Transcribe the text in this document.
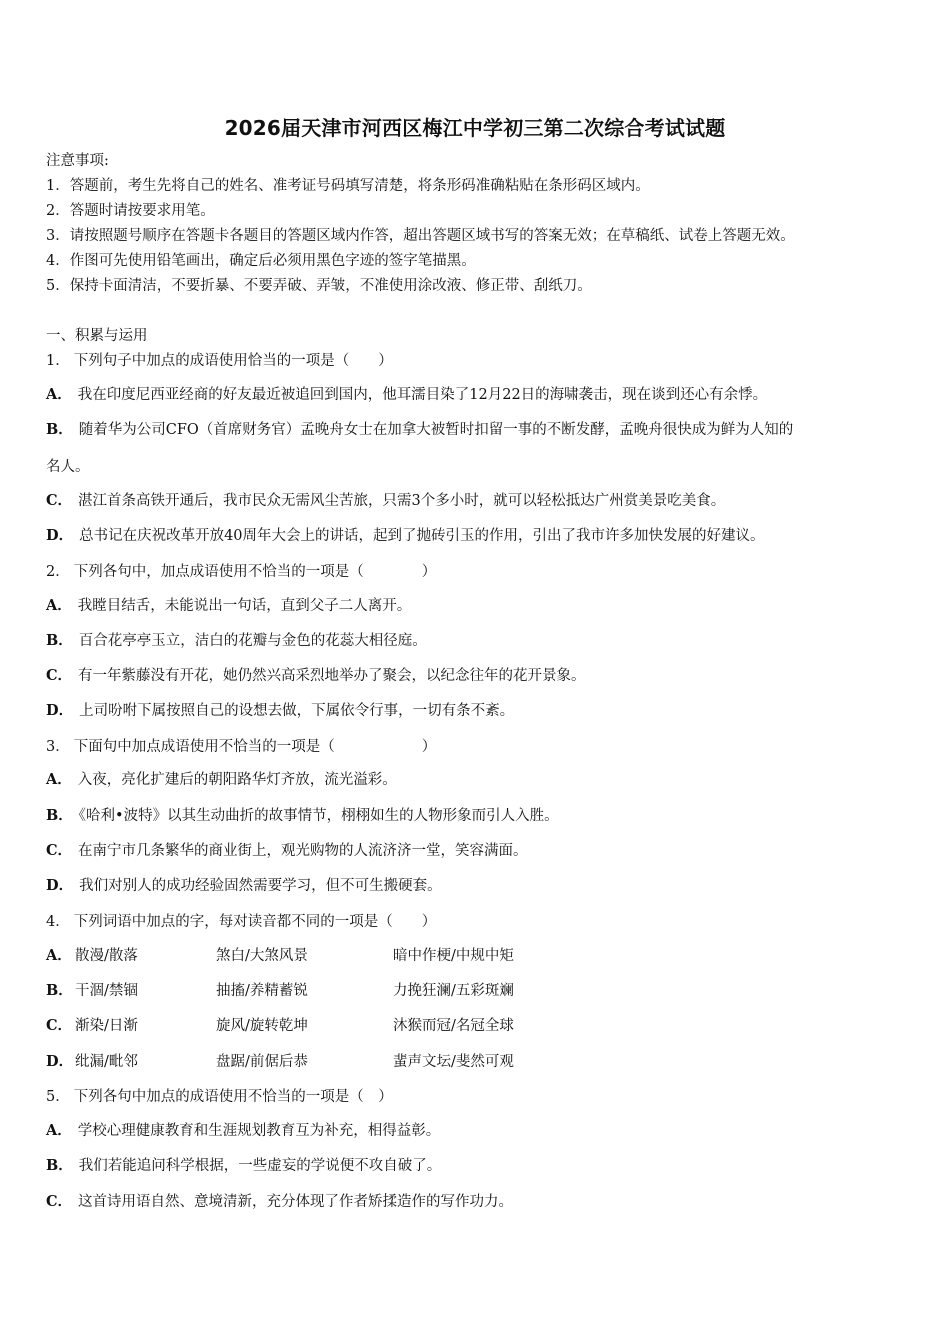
2026届天津市河西区梅江中学初三第二次综合考试试题
注意事项:
1．答题前，考生先将自己的姓名、准考证号码填写清楚，将条形码准确粘贴在条形码区域内。
2．答题时请按要求用笔。
3．请按照题号顺序在答题卡各题目的答题区域内作答，超出答题区域书写的答案无效；在草稿纸、试卷上答题无效。
4．作图可先使用铅笔画出，确定后必须用黑色字迹的签字笔描黑。
5．保持卡面清洁，不要折暴、不要弄破、弄皱，不准使用涂改液、修正带、刮纸刀。
一、积累与运用
1． 下列句子中加点的成语使用恰当的一项是（　　）
A． 我在印度尼西亚经商的好友最近被追回到国内，他耳濡目染了12月22日的海啸袭击，现在谈到还心有余悸。
B． 随着华为公司CFO（首席财务官）孟晚舟女士在加拿大被暂时扣留一事的不断发酵，孟晚舟很快成为鲜为人知的
名人。
C． 湛江首条高铁开通后，我市民众无需风尘苦旅，只需3个多小时，就可以轻松抵达广州赏美景吃美食。
D． 总书记在庆祝改革开放40周年大会上的讲话，起到了抛砖引玉的作用，引出了我市许多加快发展的好建议。
2． 下列各句中，加点成语使用不恰当的一项是（　　　　）
A． 我瞠目结舌，未能说出一句话，直到父子二人离开。
B． 百合花亭亭玉立，洁白的花瓣与金色的花蕊大相径庭。
C． 有一年紫藤没有开花，她仍然兴高采烈地举办了聚会，以纪念往年的花开景象。
D． 上司吩咐下属按照自己的设想去做，下属依令行事，一切有条不紊。
3． 下面句中加点成语使用不恰当的一项是（　　　　　　）
A． 入夜，亮化扩建后的朝阳路华灯齐放，流光溢彩。
B． 《哈利•波特》以其生动曲折的故事情节，栩栩如生的人物形象而引人入胜。
C． 在南宁市几条繁华的商业街上，观光购物的人流济济一堂，笑容满面。
D． 我们对别人的成功经验固然需要学习，但不可生搬硬套。
4． 下列词语中加点的字，每对读音都不同的一项是（　　）
A． 散漫/散落	煞白/大煞风景	暗中作梗/中规中矩
B． 干涸/禁锢	抽搐/养精蓄锐	力挽狂澜/五彩斑斓
C． 渐染/日渐	旋风/旋转乾坤	沐猴而冠/名冠全球
D． 纰漏/毗邻	盘踞/前倨后恭	蜚声文坛/斐然可观
5． 下列各句中加点的成语使用不恰当的一项是（　）
A． 学校心理健康教育和生涯规划教育互为补充，相得益彰。
B． 我们若能追问科学根据，一些虚妄的学说便不攻自破了。
C． 这首诗用语自然、意境清新，充分体现了作者矫揉造作的写作功力。
